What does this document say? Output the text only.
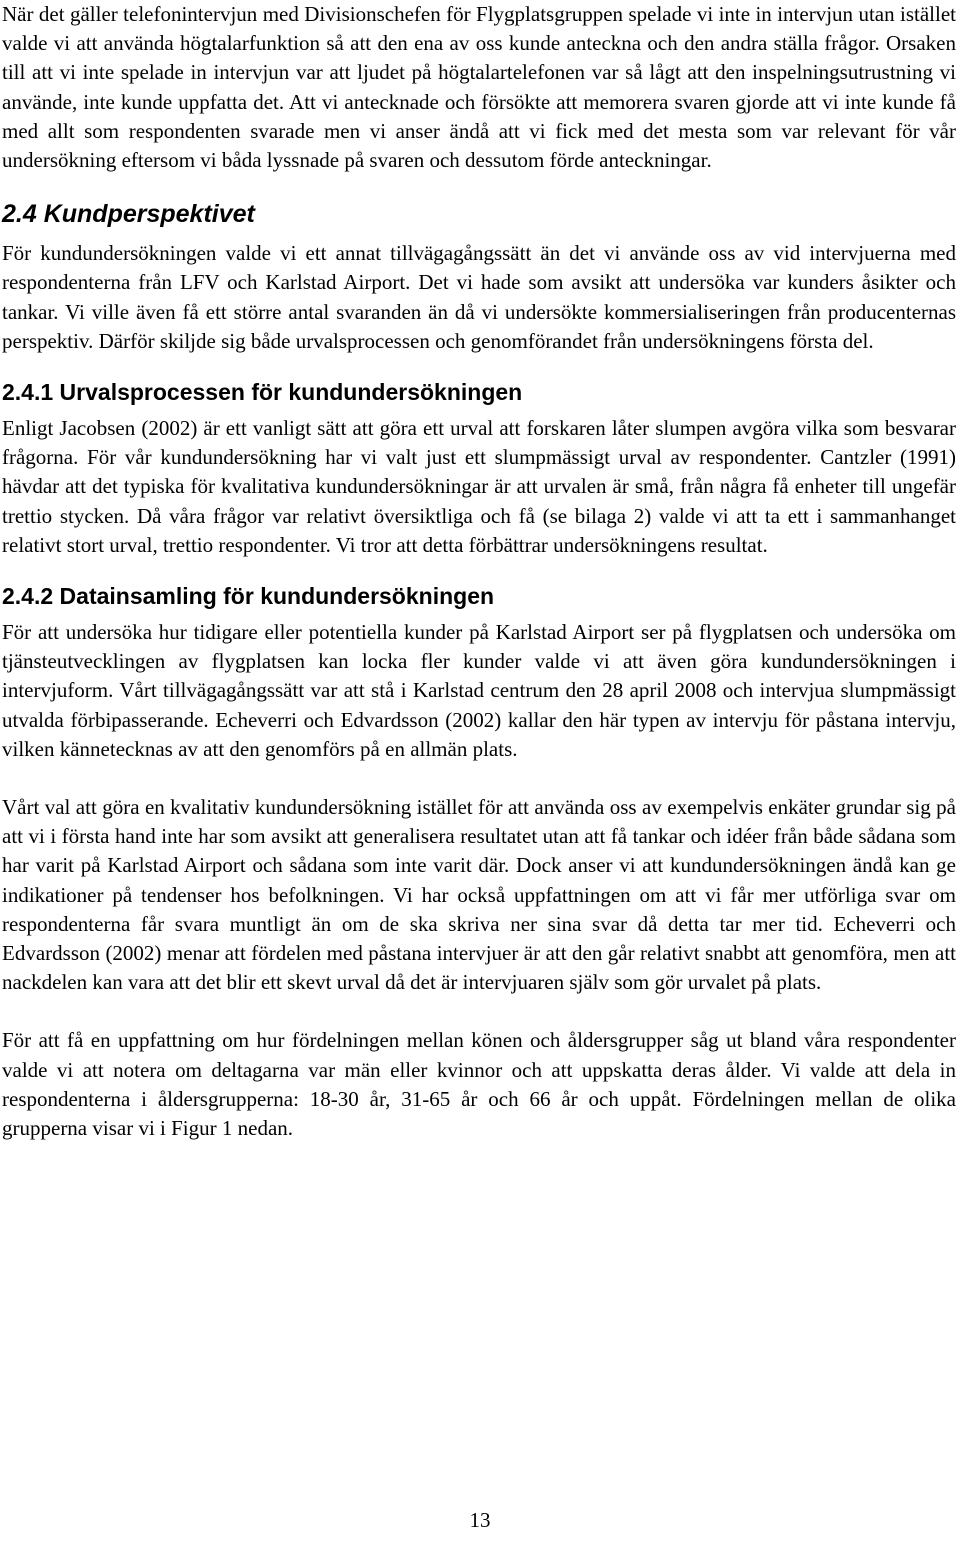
När det gäller telefonintervjun med Divisionschefen för Flygplatsgruppen spelade vi inte in intervjun utan istället valde vi att använda högtalarfunktion så att den ena av oss kunde anteckna och den andra ställa frågor. Orsaken till att vi inte spelade in intervjun var att ljudet på högtalartelefonen var så lågt att den inspelningsutrustning vi använde, inte kunde uppfatta det. Att vi antecknade och försökte att memorera svaren gjorde att vi inte kunde få med allt som respondenten svarade men vi anser ändå att vi fick med det mesta som var relevant för vår undersökning eftersom vi båda lyssnade på svaren och dessutom förde anteckningar.

2.4 Kundperspektivet

För kundundersökningen valde vi ett annat tillvägagångssätt än det vi använde oss av vid intervjuerna med respondenterna från LFV och Karlstad Airport. Det vi hade som avsikt att undersöka var kunders åsikter och tankar. Vi ville även få ett större antal svaranden än då vi undersökte kommersialiseringen från producenternas perspektiv. Därför skiljde sig både urvalsprocessen och genomförandet från undersökningens första del.

2.4.1 Urvalsprocessen för kundundersökningen

Enligt Jacobsen (2002) är ett vanligt sätt att göra ett urval att forskaren låter slumpen avgöra vilka som besvarar frågorna. För vår kundundersökning har vi valt just ett slumpmässigt urval av respondenter. Cantzler (1991) hävdar att det typiska för kvalitativa kundundersökningar är att urvalen är små, från några få enheter till ungefär trettio stycken. Då våra frågor var relativt översiktliga och få (se bilaga 2) valde vi att ta ett i sammanhanget relativt stort urval, trettio respondenter. Vi tror att detta förbättrar undersökningens resultat.

2.4.2 Datainsamling för kundundersökningen

För att undersöka hur tidigare eller potentiella kunder på Karlstad Airport ser på flygplatsen och undersöka om tjänsteutvecklingen av flygplatsen kan locka fler kunder valde vi att även göra kundundersökningen i intervjuform. Vårt tillvägagångssätt var att stå i Karlstad centrum den 28 april 2008 och intervjua slumpmässigt utvalda förbipasserande. Echeverri och Edvardsson (2002) kallar den här typen av intervju för påstana intervju, vilken kännetecknas av att den genomförs på en allmän plats.

Vårt val att göra en kvalitativ kundundersökning istället för att använda oss av exempelvis enkäter grundar sig på att vi i första hand inte har som avsikt att generalisera resultatet utan att få tankar och idéer från både sådana som har varit på Karlstad Airport och sådana som inte varit där. Dock anser vi att kundundersökningen ändå kan ge indikationer på tendenser hos befolkningen. Vi har också uppfattningen om att vi får mer utförliga svar om respondenterna får svara muntligt än om de ska skriva ner sina svar då detta tar mer tid. Echeverri och Edvardsson (2002) menar att fördelen med påstana intervjuer är att den går relativt snabbt att genomföra, men att nackdelen kan vara att det blir ett skevt urval då det är intervjuaren själv som gör urvalet på plats.

För att få en uppfattning om hur fördelningen mellan könen och åldersgrupper såg ut bland våra respondenter valde vi att notera om deltagarna var män eller kvinnor och att uppskatta deras ålder. Vi valde att dela in respondenterna i åldersgrupperna: 18-30 år, 31-65 år och 66 år och uppåt. Fördelningen mellan de olika grupperna visar vi i Figur 1 nedan.

13
